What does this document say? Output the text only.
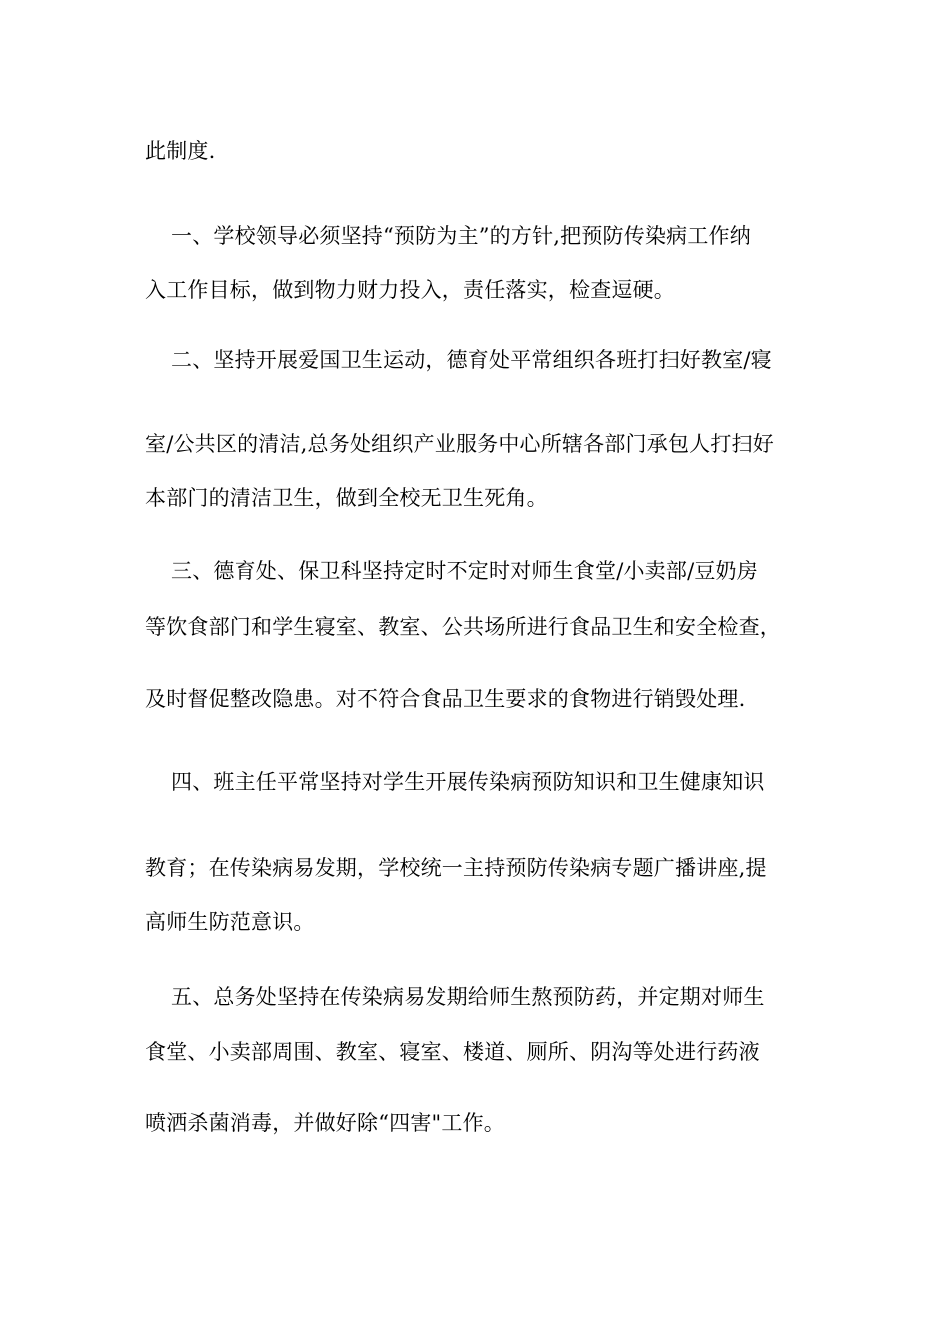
此制度.
一、学校领导必须坚持“预防为主”的方针,把预防传染病工作纳
入工作目标，做到物力财力投入，责任落实，检查逗硬。
二、坚持开展爱国卫生运动，德育处平常组织各班打扫好教室/寝
室/公共区的清洁,总务处组织产业服务中心所辖各部门承包人打扫好
本部门的清洁卫生，做到全校无卫生死角。
三、德育处、保卫科坚持定时不定时对师生食堂/小卖部/豆奶房
等饮食部门和学生寝室、教室、公共场所进行食品卫生和安全检查，
及时督促整改隐患。对不符合食品卫生要求的食物进行销毁处理.
四、班主任平常坚持对学生开展传染病预防知识和卫生健康知识
教育；在传染病易发期，学校统一主持预防传染病专题广播讲座,提
高师生防范意识。
五、总务处坚持在传染病易发期给师生熬预防药，并定期对师生
食堂、小卖部周围、教室、寝室、楼道、厕所、阴沟等处进行药液
喷洒杀菌消毒，并做好除“四害"工作。
